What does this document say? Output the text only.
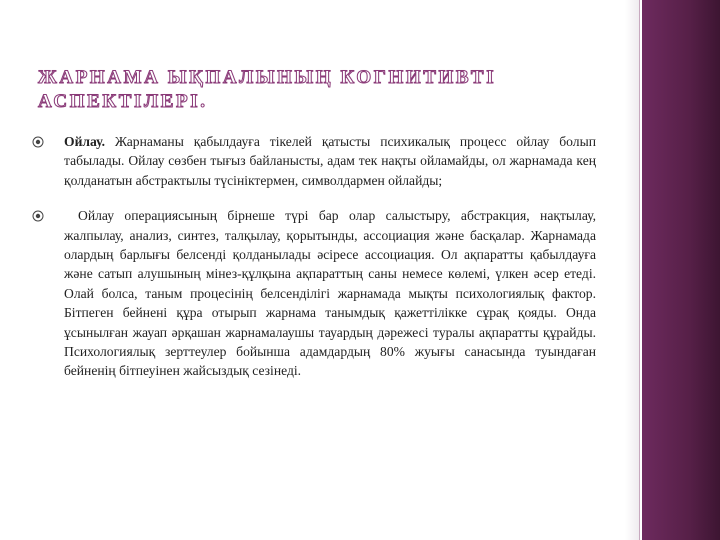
ЖАРНАМА ЫҚПАЛЫНЫҢ КОГНИТИВТІ АСПЕКТІЛЕРІ.
Ойлау. Жарнаманы қабылдауға тікелей қатысты психикалық процесс ойлау болып табылады. Ойлау сөзбен тығыз байланысты, адам тек нақты ойламайды, ол жарнамада кең қолданатын абстрактылы түсініктермен, символдармен ойлайды;
Ойлау операциясының бірнеше түрі бар олар салыстыру, абстракция, нақтылау, жалпылау, анализ, синтез, талқылау, қорытынды, ассоциация және басқалар. Жарнамада олардың барлығы белсенді қолданылады әсіресе ассоциация. Ол ақпаратты қабылдауға және сатып алушының мінез-құлқына ақпараттың саны немесе көлемі, үлкен әсер етеді. Олай болса, таным процесінің белсенділігі жарнамада мықты психологиялық фактор. Бітпеген бейнені құра отырып жарнама танымдық қажеттілікке сұрақ қояды. Онда ұсынылған жауап әрқашан жарнамалаушы тауардың дәрежесі туралы ақпаратты құрайды. Психологиялық зерттеулер бойынша адамдардың 80% жуығы санасында туындаған бейненің бітпеуінен жайсыздық сезінеді.
